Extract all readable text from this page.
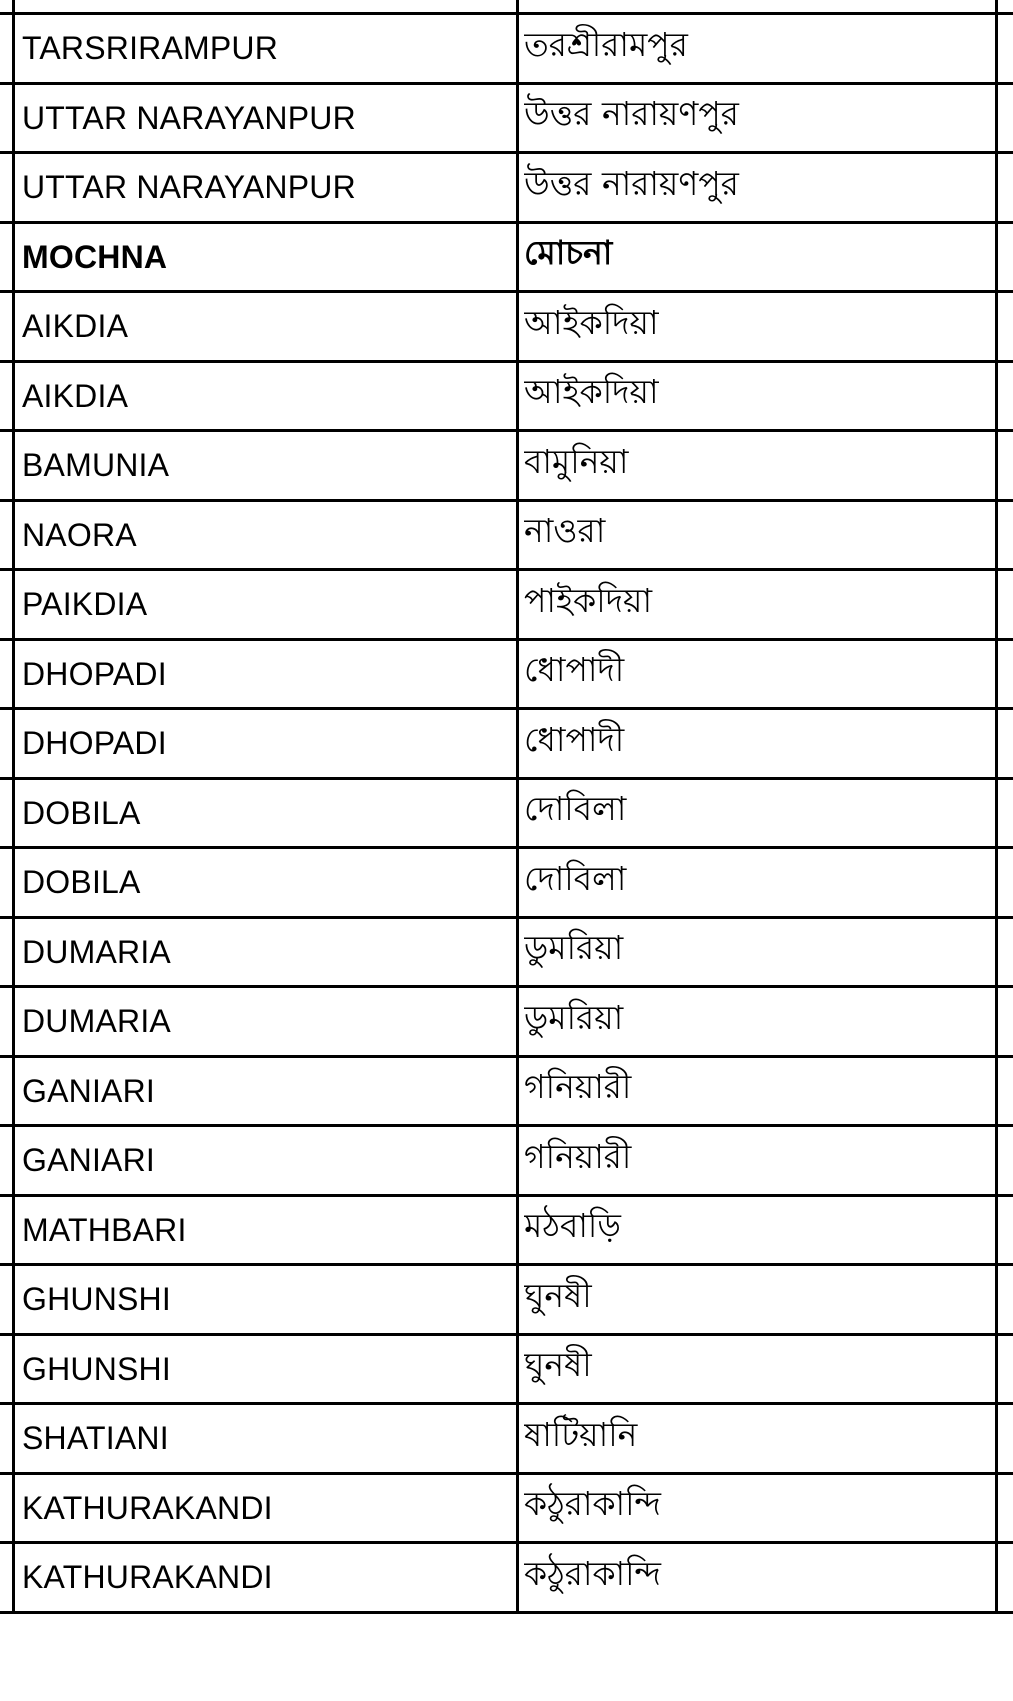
TARSRIRAMPUR	তরশ্রীরামপুর
UTTAR NARAYANPUR	উত্তর নারায়ণপুর
UTTAR NARAYANPUR	উত্তর নারায়ণপুর
MOCHNA	মোচনা
AIKDIA	আইকদিয়া
AIKDIA	আইকদিয়া
BAMUNIA	বামুনিয়া
NAORA	নাওরা
PAIKDIA	পাইকদিয়া
DHOPADI	ধোপাদী
DHOPADI	ধোপাদী
DOBILA	দোবিলা
DOBILA	দোবিলা
DUMARIA	ডুমরিয়া
DUMARIA	ডুমরিয়া
GANIARI	গনিয়ারী
GANIARI	গনিয়ারী
MATHBARI	মঠবাড়ি
GHUNSHI	ঘুনষী
GHUNSHI	ঘুনষী
SHATIANI	ষাটিয়ানি
KATHURAKANDI	কঠুরাকান্দি
KATHURAKANDI	কঠুরাকান্দি
